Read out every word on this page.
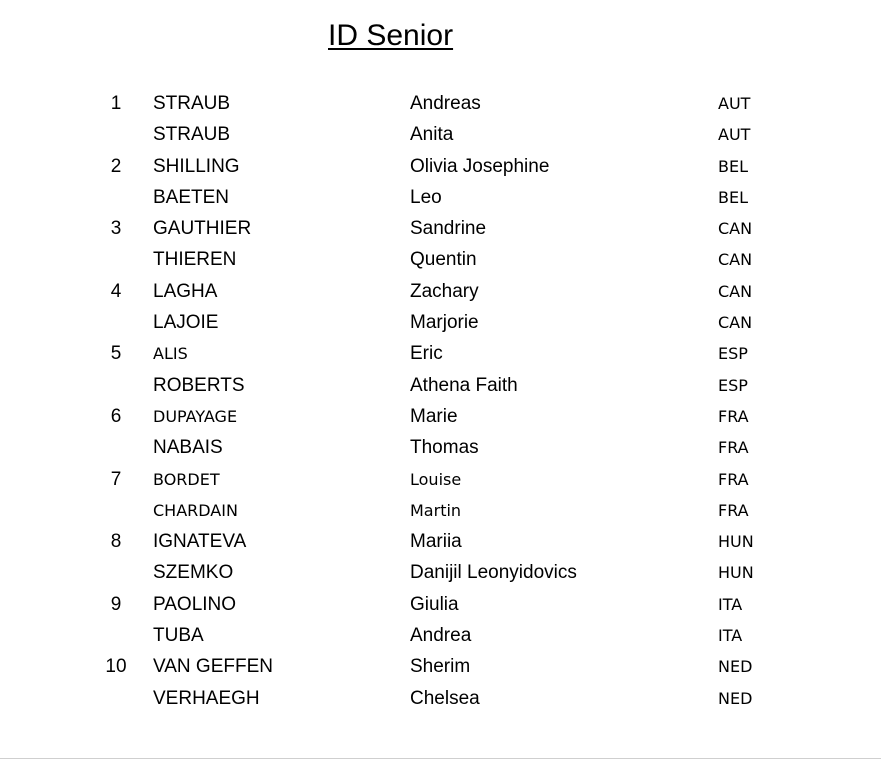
ID Senior
1	STRAUB	Andreas	AUT
STRAUB	Anita	AUT
2	SHILLING	Olivia Josephine	BEL
BAETEN	Leo	BEL
3	GAUTHIER	Sandrine	CAN
THIEREN	Quentin	CAN
4	LAGHA	Zachary	CAN
LAJOIE	Marjorie	CAN
5	ALIS	Eric	ESP
ROBERTS	Athena Faith	ESP
6	DUPAYAGE	Marie	FRA
NABAIS	Thomas	FRA
7	BORDET	Louise	FRA
CHARDAIN	Martin	FRA
8	IGNATEVA	Mariia	HUN
SZEMKO	Danijil Leonyidovics	HUN
9	PAOLINO	Giulia	ITA
TUBA	Andrea	ITA
10 VAN GEFFEN	Sherim	NED
VERHAEGH	Chelsea	NED
